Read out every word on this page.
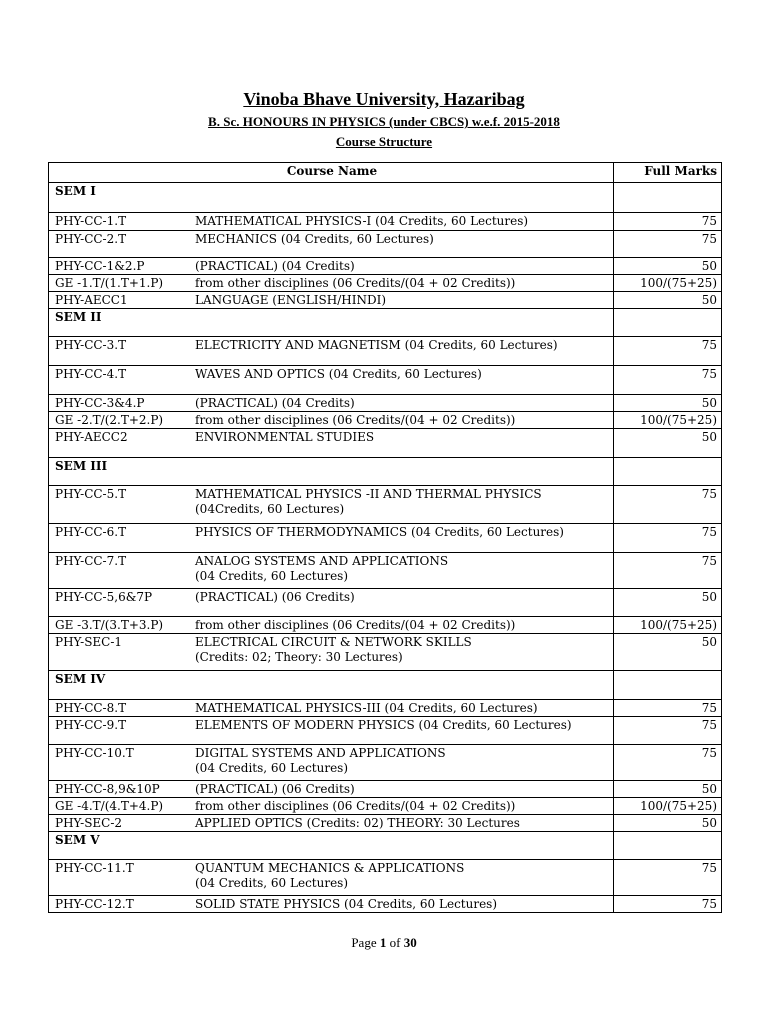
Vinoba Bhave University, Hazaribag
B. Sc. HONOURS IN PHYSICS (under CBCS) w.e.f. 2015-2018
Course Structure
Course Name	Full Marks
SEM I	
PHY-CC-1.T MATHEMATICAL PHYSICS-I (04 Credits, 60 Lectures)	75
PHY-CC-2.T MECHANICS (04 Credits, 60 Lectures)	75
PHY-CC-1&2.P (PRACTICAL) (04 Credits)	50
GE -1.T/(1.T+1.P) from other disciplines (06 Credits/(04 + 02 Credits))	100/(75+25)
PHY-AECC1 LANGUAGE (ENGLISH/HINDI)	50
SEM II	
PHY-CC-3.T ELECTRICITY AND MAGNETISM (04 Credits, 60 Lectures)	75
PHY-CC-4.T WAVES AND OPTICS (04 Credits, 60 Lectures)	75
PHY-CC-3&4.P (PRACTICAL) (04 Credits)	50
GE -2.T/(2.T+2.P) from other disciplines (06 Credits/(04 + 02 Credits))	100/(75+25)
PHY-AECC2 ENVIRONMENTAL STUDIES	50
SEM III	
PHY-CC-5.T MATHEMATICAL PHYSICS -II AND THERMAL PHYSICS
(04Credits, 60 Lectures)	75
PHY-CC-6.T PHYSICS OF THERMODYNAMICS (04 Credits, 60 Lectures)	75
PHY-CC-7.T ANALOG SYSTEMS AND APPLICATIONS
(04 Credits, 60 Lectures)	75
PHY-CC-5,6&7P (PRACTICAL) (06 Credits)	50
GE -3.T/(3.T+3.P) from other disciplines (06 Credits/(04 + 02 Credits))	100/(75+25)
PHY-SEC-1 ELECTRICAL CIRCUIT & NETWORK SKILLS
(Credits: 02; Theory: 30 Lectures)	50
SEM IV	
PHY-CC-8.T MATHEMATICAL PHYSICS-III (04 Credits, 60 Lectures)	75
PHY-CC-9.T ELEMENTS OF MODERN PHYSICS (04 Credits, 60 Lectures)	75
PHY-CC-10.T DIGITAL SYSTEMS AND APPLICATIONS
(04 Credits, 60 Lectures)	75
PHY-CC-8,9&10P (PRACTICAL) (06 Credits)	50
GE -4.T/(4.T+4.P) from other disciplines (06 Credits/(04 + 02 Credits))	100/(75+25)
PHY-SEC-2 APPLIED OPTICS (Credits: 02) THEORY: 30 Lectures	50
SEM V	
PHY-CC-11.T QUANTUM MECHANICS & APPLICATIONS
(04 Credits, 60 Lectures)	75
PHY-CC-12.T SOLID STATE PHYSICS (04 Credits, 60 Lectures)	75
Page 1 of 30
